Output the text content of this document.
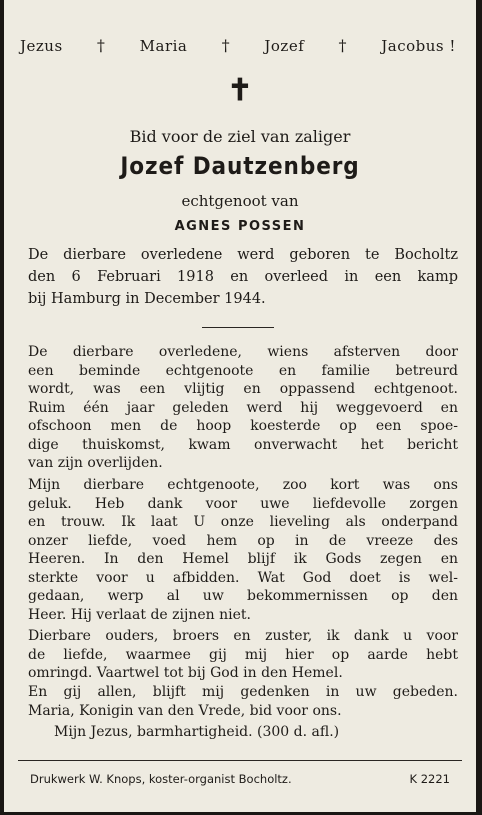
Jezus † Maria † Jozef † Jacobus !
✝
Bid voor de ziel van zaliger
Jozef Dautzenberg
echtgenoot van
AGNES POSSEN
De dierbare overledene werd geboren te Bocholtz
den 6 Februari 1918 en overleed in een kamp
bij Hamburg in December 1944.
De dierbare overledene, wiens afsterven door
een beminde echtgenoote en familie betreurd
wordt, was een vlijtig en oppassend echtgenoot.
Ruim één jaar geleden werd hij weggevoerd en
ofschoon men de hoop koesterde op een spoe-
dige thuiskomst, kwam onverwacht het bericht
van zijn overlijden.
Mijn dierbare echtgenoote, zoo kort was ons
geluk. Heb dank voor uwe liefdevolle zorgen
en trouw. Ik laat U onze lieveling als onderpand
onzer liefde, voed hem op in de vreeze des
Heeren. In den Hemel blijf ik Gods zegen en
sterkte voor u afbidden. Wat God doet is wel-
gedaan, werp al uw bekommernissen op den
Heer. Hij verlaat de zijnen niet.
Dierbare ouders, broers en zuster, ik dank u voor
de liefde, waarmee gij mij hier op aarde hebt
omringd. Vaartwel tot bij God in den Hemel.
En gij allen, blijft mij gedenken in uw gebeden.
Maria, Konigin van den Vrede, bid voor ons.
Mijn Jezus, barmhartigheid. (300 d. afl.)
Drukwerk W. Knops, koster-organist Bocholtz.	K 2221
